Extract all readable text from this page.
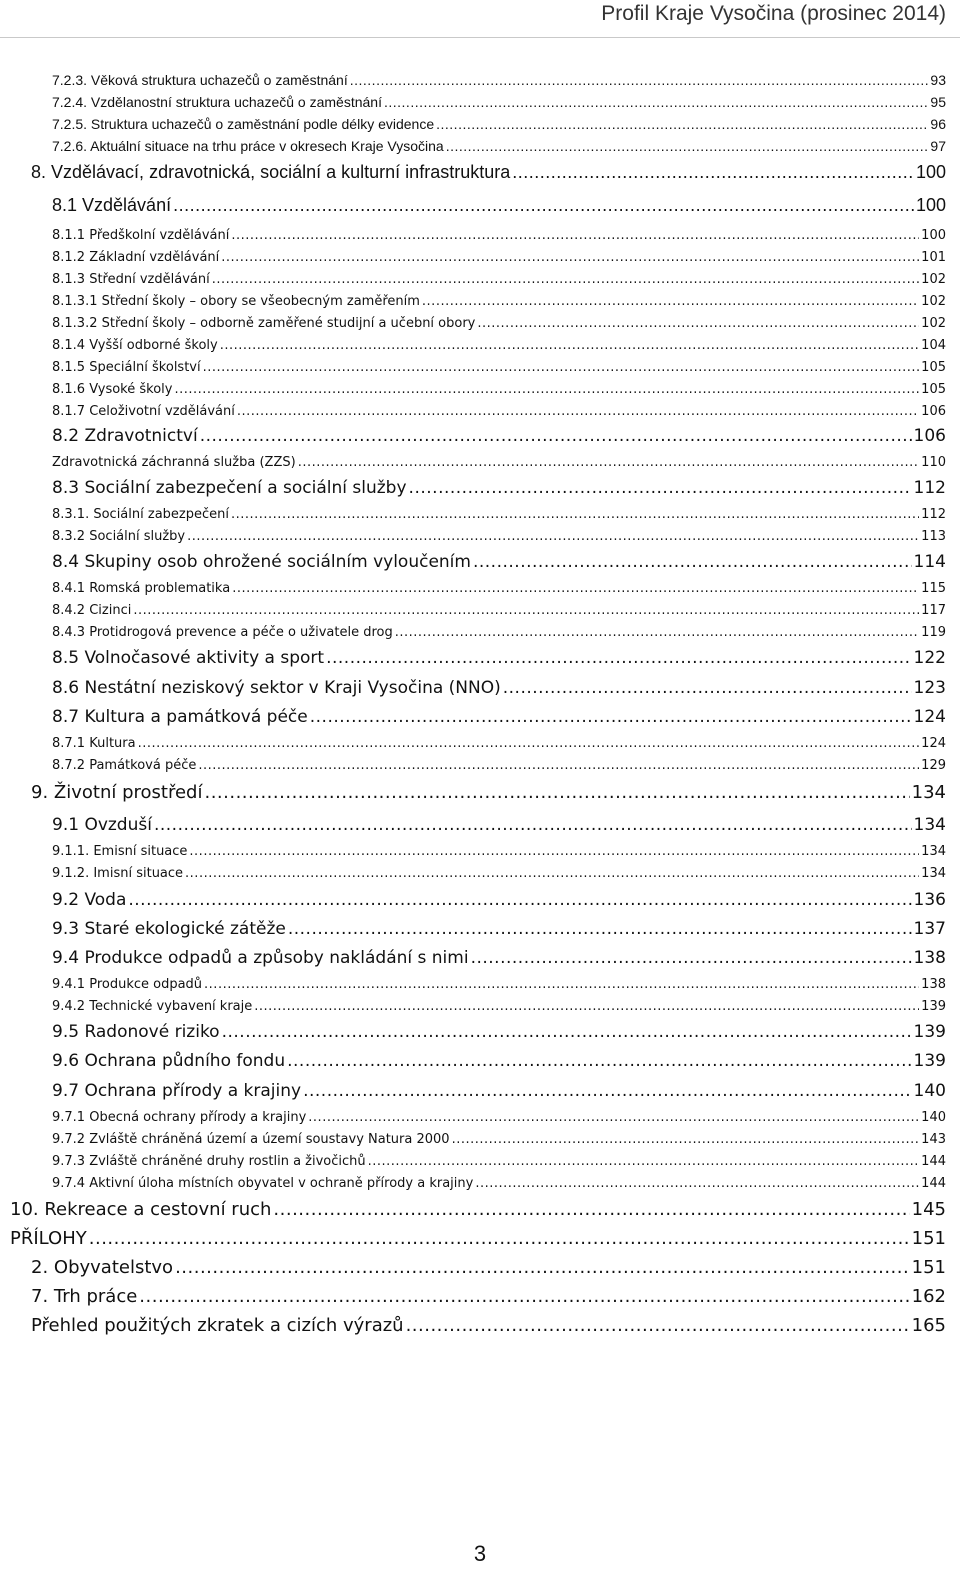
Profil Kraje Vysočina (prosinec 2014)
7.2.3. Věková struktura uchazečů o zaměstnání .....	93
7.2.4. Vzdělanostní struktura uchazečů o zaměstnání .....	95
7.2.5. Struktura uchazečů o zaměstnání podle délky evidence .....	96
7.2.6. Aktuální situace na trhu práce v okresech Kraje Vysočina .....	97
8. Vzdělávací, zdravotnická, sociální a kulturní infrastruktura .....	100
8.1 Vzdělávání .....	100
8.1.1 Předškolní vzdělávání .....	100
8.1.2 Základní vzdělávání .....	101
8.1.3 Střední vzdělávání .....	102
8.1.3.1 Střední školy – obory se všeobecným zaměřením .....	102
8.1.3.2 Střední školy – odborně zaměřené studijní a učební obory .....	102
8.1.4 Vyšší odborné školy .....	104
8.1.5 Speciální školství .....	105
8.1.6 Vysoké školy .....	105
8.1.7 Celoživotní vzdělávání .....	106
8.2 Zdravotnictví .....	106
Zdravotnická záchranná služba (ZZS) .....	110
8.3 Sociální zabezpečení a sociální služby .....	112
8.3.1. Sociální zabezpečení .....	112
8.3.2 Sociální služby .....	113
8.4 Skupiny osob ohrožené sociálním vyloučením .....	114
8.4.1 Romská problematika .....	115
8.4.2 Cizinci .....	117
8.4.3 Protidrogová prevence a péče o uživatele drog .....	119
8.5 Volnočasové aktivity a sport .....	122
8.6 Nestátní neziskový sektor v Kraji Vysočina (NNO) .....	123
8.7 Kultura a památková péče .....	124
8.7.1 Kultura .....	124
8.7.2 Památková péče .....	129
9. Životní prostředí .....	134
9.1 Ovzduší .....	134
9.1.1. Emisní situace .....	134
9.1.2. Imisní situace .....	134
9.2 Voda .....	136
9.3 Staré ekologické zátěže .....	137
9.4 Produkce odpadů a způsoby nakládání s nimi .....	138
9.4.1 Produkce odpadů .....	138
9.4.2 Technické vybavení kraje .....	139
9.5 Radonové riziko .....	139
9.6 Ochrana půdního fondu .....	139
9.7 Ochrana přírody a krajiny .....	140
9.7.1 Obecná ochrany přírody a krajiny .....	140
9.7.2 Zvláště chráněná území a území soustavy Natura 2000 .....	143
9.7.3 Zvláště chráněné druhy rostlin a živočichů .....	144
9.7.4 Aktivní úloha místních obyvatel v ochraně přírody a krajiny .....	144
10. Rekreace a cestovní ruch .....	145
PŘÍLOHY .....	151
2. Obyvatelstvo .....	151
7. Trh práce .....	162
Přehled použitých zkratek a cizích výrazů .....	165
3
